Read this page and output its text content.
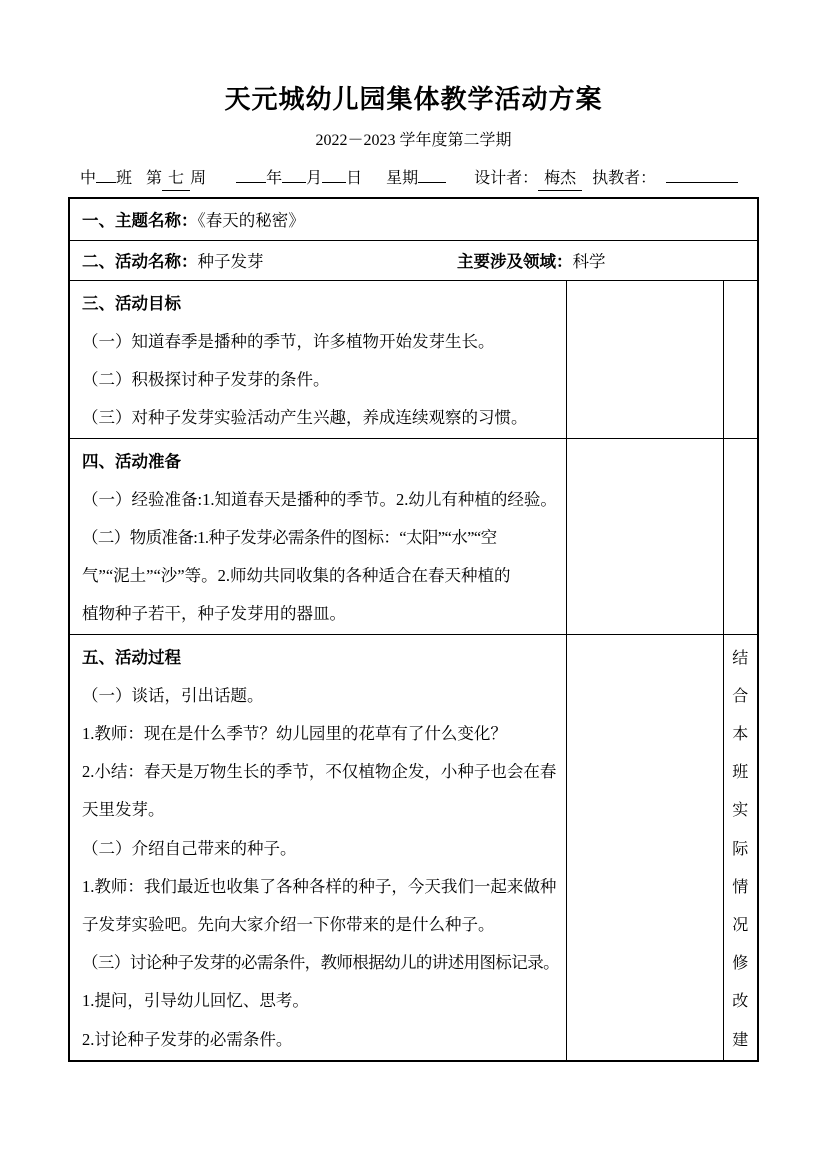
天元城幼儿园集体教学活动方案
2022－2023 学年度第二学期
中 班 第 七 周	年 月 日 星期	设计者： 梅杰	执教者：
一、主题名称：《春天的秘密》		

二、活动名称：种子发芽 主要涉及领域：科学		

三、活动目标
（一）知道春季是播种的季节，许多植物开始发芽生长。
（二）积极探讨种子发芽的条件。
（三）对种子发芽实验活动产生兴趣，养成连续观察的习惯。		

四、活动准备
（一）经验准备:1.知道春天是播种的季节。2.幼儿有种植的经验。
（二）物质准备:1.种子发芽必需条件的图标：“太阳”“水”“空
气”“泥土”“沙”等。2.师幼共同收集的各种适合在春天种植的
植物种子若干，种子发芽用的器皿。		

五、活动过程
（一）谈话，引出话题。
1.教师：现在是什么季节？幼儿园里的花草有了什么变化？
2.小结：春天是万物生长的季节，不仅植物企发，小种子也会在春
天里发芽。
（二）介绍自己带来的种子。
1.教师：我们最近也收集了各种各样的种子，今天我们一起来做种
子发芽实验吧。先向大家介绍一下你带来的是什么种子。
（三）讨论种子发芽的必需条件，教师根据幼儿的讲述用图标记录。
1.提问，引导幼儿回忆、思考。
2.讨论种子发芽的必需条件。

结
合
本
班
实
际
情
况
修
改
建
